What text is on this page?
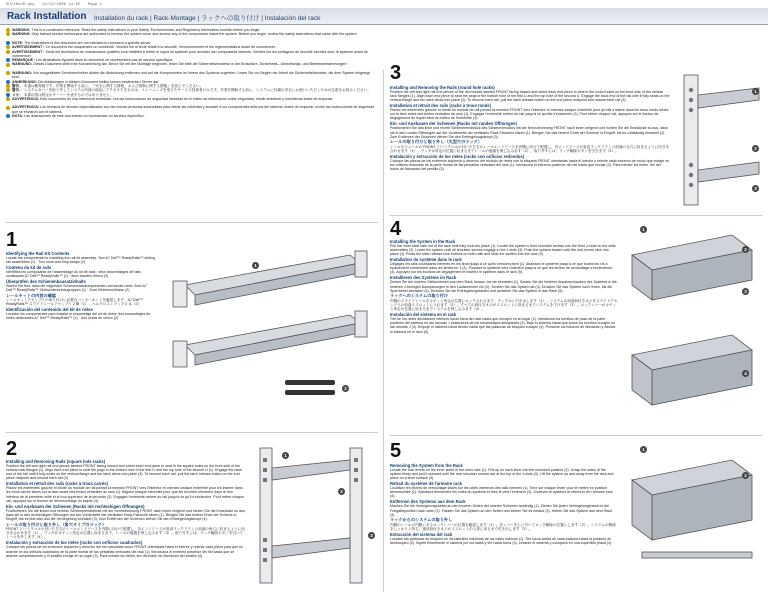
0U726cv0.qxp 12/21/2009 14:55 Page 1
Rack Installation Installation du rack | Rack-Montage | ラックへの取り付け | Instalación del rack
WARNING: This is a condensed reference. Read the safety instructions in your Safety, Environmental, and Regulatory Information booklet before you begin.
WARNING: Only trained service technicians are authorized to remove the system cover and access any of the components inside the system. Before you begin, review the safety instructions that came with the system.
NOTE: The illustrations in this document are not intended to represent a specific server.
AVERTISSEMENT : Ce document est uniquement un condensé. Veuillez lire le texte relatif à la sécurité, l'environnement et les réglementations avant de commencer.
AVERTISSEMENT : Seuls les techniciens de maintenance qualifiés sont habilités à retirer le capot du système pour accéder aux composants internes. Veuillez lire les consignes de sécurité fournies avec le système avant de commencer.
REMARQUE : Les illustrations figurant dans ce document ne représentent pas de serveur spécifique.
WARNUNG: Dieses Dokument stellt eine Kurzanleitung dar. Bevor Sie mit der Montage beginnen, lesen Sie bitte die Sicherheitshinweise in der Broschüre „Sicherheits-, Umweltungs- und Betriebsbestimmungen“.
WARNUNG: Nur ausgebildete Servicetechniker dürfen die Abdeckung entfernen und auf die Komponenten im Innern des Systems zugreifen. Lesen Sie vor Beginn der Arbeit die Sicherheitshinweise, die dem System beigelegt sind.
ANMERKUNG: Die Abbildungen in diesem Dokument stellen keinen bestimmten Server dar.
警告： 本書は簡易版です。作業を開始する前に、『安全に関する情報、および規制に関する情報』を読んでください。
警告： システムカバーを取り外してシステム内部の部品にアクセスできるのは、トレーニングを受けたサービス技術者のみです。作業を開始する前に、システムに付属の安全にお使いいただくための注意をお読みください。
メモ： 本書の図は特定のサーバーを表すものではありません。
ADVERTENCIA: Este documento es una referencia resumida. Lea las instrucciones de seguridad incluidas en el folleto de información sobre seguridad, medio ambiente y normativas antes de empezar.
ADVERTENCIA: Los técnicos de servicio especializados son las únicas personas autorizadas para retirar las cubiertas y acceder a los componentes internos del sistema. Antes de empezar, revise las instrucciones de seguridad que se enviaron con el sistema.
NOTA: Las ilustraciones de este documento no representan un servidor específico.
1
Identifying the Rail Kit Contents

Locate the components for installing the rail kit assembly: Two A7 Dell™ ReadyRails™ sliding rail assemblies (1) · Two hook-and-loop straps (2)

Contenu du kit de rails

Identifiez les composants de l'assemblage du kit de rails : deux assemblages de rails coulissants A7 Dell™ ReadyRails™ (1) · deux bandes Velcro (2)

Überprüfen des Schienenbausatzinhalts

Stellen Sie fest, dass die folgenden Schienensatzkomponenten vorhanden sind: Zwei A7 Dell™ ReadyRails™ Gleitschienenbaugruppen (1) · Zwei Klettverschlüsse (2)

レールキットの内容の確認

レールキットアセンブリの取り付けに必要なコンポーネントを確認します：A7 Dell™ ReadyRails™ スライドレールアセンブリ 2 個（1）、ベルクロストラップ 2 本（2）

Identificación del contenido del kit de rieles

Localice los componentes para instalar el ensamblaje del kit de rieles: dos ensamblajes de rieles deslizantes A7 Dell™ ReadyRails™ (1) · dos cintas de velcro (2)

1
2
2
Installing and Removing Rails (square hole racks)

Position the left and right rail end pieces labeled FRONT facing inward and orient each end piece to seat in the square holes on the front side of the vertical rack flanges (1). Align each end piece to seat the pegs in the bottom hole of the first U and the top hole of the second U (2). Engage the back end of the rail until it fully seats on the vertical flange and the latch clicks into place (3). To remove each rail, pull the latch release button on the end piece midpoint and unseat each rail (4).

Installation et retrait des rails (racks à trous carrés)

Placez les extrémités gauche et droite du module de rail portant la mention FRONT vers l'intérieur et orientez chaque extrémité pour les insérer dans les trous carrés situés sur la face avant des brides verticales du rack (1). Alignez chaque extrémité pour que les broches s'insèrent dans le trou inférieur de la première unité et le trou supérieur de la seconde (2). Engagez l'extrémité arrière du rail jusqu'à ce qu'il s'enclenche. Pour retirer chaque rail, appuyez sur le bouton de déverrouillage du loquet (4).

Ein- und Ausbauen der Schienen (Racks mit rechteckigen Öffnungen)

Positionieren Sie die linken und rechten Schienenendstücke mit der Kennzeichnung FRONT nach innen zeigend und richten Sie die Endstücke so aus, dass sie in den rechteckigen Öffnungen auf der Vorderseite der vertikalen Rack-Flansche sitzen (1). Bringen Sie das hintere Ende der Schiene in Eingriff, bis es fest sitzt und die Verriegelung einrastet (3). Zum Entfernen der Schienen ziehen Sie den Entriegelungsknopf (4).

レールの取り付けと取り外し（角穴タイプのラック）

FRONT というラベルの付いた左右のレールエンドピースを内側に向けて配置し、各エンドピースが垂直ラックフランジ前面の角穴に収まるように向きを合わせます（1）。ラッチがカチッと所定の位置に収まるまで、レールの後端を押し込みます（3）。取り外すには、ラッチ解除ボタンを引いてレールを外します（4）。

Instalación y extracción de los rieles (racks con orificios cuadrados)

Coloque las piezas de los extremos izquierdo y derecho del riel marcadas como FRONT orientadas hacia el interior y oriente cada pieza para que se asiente en los orificios cuadrados de la parte frontal de las pestañas verticales del rack (1). Introduzca el extremo posterior del riel hasta que se asiente completamente y el pestillo encaje en su lugar (3). Para extraer los rieles, tire del botón de liberación del pestillo (4).

1
2
3
3
Installing and Removing the Rails (round hole racks)

Position the left and right rail end pieces of the rail module labeled FRONT facing inward and orient each end piece to seat in the round holes on the front side of the vertical rack flanges (1). Align each end piece to seat the pegs in the bottom hole of the first U and the top hole of the second U. Engage the back end of the rail until it fully seats on the vertical flange and the latch clicks into place (2). To remove each rail, pull the latch release button on the end piece midpoint and unseat each rail (3).

Installation et retrait des rails (racks à trous ronds)

Placez les extrémités gauche et droite du module de rail portant la mention FRONT vers l'intérieur et orientez chaque extrémité pour qu'elle s'insère dans les trous ronds situés sur la face avant des brides verticales du rack (1). Engagez l'extrémité arrière du rail jusqu'à ce qu'elle s'enclenche (2). Pour retirer chaque rail, appuyez sur le bouton de dégagement du loquet situé au milieu de l'extrémité (3).

Ein- und Ausbauen der Schienen (Racks mit runden Öffnungen)

Positionieren Sie das linke und rechte Schienenendstück des Schienenmoduls mit der Kennzeichnung FRONT nach innen zeigend und richten Sie die Endstücke so aus, dass sie in den runden Öffnungen auf der Vorderseite der vertikalen Rack-Flansche sitzen (1). Bringen Sie das hintere Ende der Schiene in Eingriff, bis es vollständig einrastet (2). Zum Entfernen der Schienen ziehen Sie den Entriegelungsknopf (3).

レールの取り付けと取り外し（丸型穴のラック）

レールモジュールの FRONT というラベルの付いた左右のレールエンドピースを内側に向けて配置し、各エンドピースが垂直ラックフランジ前面の丸穴に収まるように向きを合わせます（1）。ラッチが所定の位置に収まるまでレールの後端を押し込みます（2）。取り外すには、ラッチ解除ボタンを引きます（3）。

Instalación y extracción de los rieles (racks con orificios redondos)

Coloque las piezas de los extremos izquierdo y derecho del módulo de rieles con la etiqueta FRONT orientadas hacia el interior y oriente cada extremo de modo que encaje en los orificios redondos de la parte frontal de las pestañas verticales del rack (1). Introduzca el extremo posterior del riel hasta que encaje (2). Para extraer los rieles, tire del botón de liberación del pestillo (3).

1
2
3
4
Installing the System in the Rack

Pull the inner slide rails out of the rack until they lock into place (1). Locate the system's front shoulder screws into the front J-slots on the slide assemblies (2). Lower the system until all shoulder screws engage in the J-slots (3). Push the system inward until the lock levers click into place (4). Press the slide release lock buttons on both rails and slide the system into the rack (5).

Installation du système dans le rack

Dégagez les rails coulissants internes en les tirant jusqu'à ce qu'ils s'enclenchent (1). Abaissez le système jusqu'à ce que toutes les vis à épaulement s'emboîtent dans les fentes en J (3). Poussez le système vers l'intérieur jusqu'à ce que les leviers de verrouillage s'enclenchent (4). Appuyez sur les boutons de dégagement et insérez le système dans le rack (5).

Installieren des Systems im Rack

Ziehen Sie die inneren Gleitschienen aus dem Rack heraus, bis sie einrasten (1). Setzen Sie die hinteren Ansatzschrauben des Systems in die hinteren J-förmigen Aussparungen in den Laufschienen ein (2). Senken Sie das System ab (3). Drücken Sie das System nach innen, bis die Sperrhebel einrasten (4). Drücken Sie die Entriegelungstasten und schieben Sie das System in das Rack (5).

ラックへのシステムの取り付け

内側のスライドレールをカチッと所定の位置にロックされるまで、ラックから引き出します（1）。システムの前面肩付きネジをスライドアセンブリの前面 J スロットに入れます（2）。すべての肩付きネジが J スロットに収まるまでシステムを下げます（3）。ロックレバーがカチッと所定の位置に収まるまでシステムを押し込みます（4）。

Instalación del sistema en el rack

Tire de los rieles deslizantes internos hacia fuera del rack hasta que encajen en su lugar (1). Introduzca los tornillos de paso de la parte posterior del sistema en las ranuras J posteriores de los ensamblajes deslizantes (2). Baje el sistema hasta que todos los tornillos encajen en las ranuras J (3). Empuje el sistema hacia dentro hasta que las palancas de bloqueo encajen (4). Presione los botones de liberación y deslice el sistema en el rack (5).

1
2
3
4
5
Removing the System from the Rack

Locate the lock levers on the inner sides of the inner rails (1). Pull up on each lever into the unlocked position (2). Grasp the sides of the system firmly and pull it outward until the rear shoulder screws are at the top of the J-slots (3). Lift the system up and away from the rack and place on a level surface (4).

Retrait du système de l'armoire rack

Localisez les leviers de verrouillage situés sur les côtés intérieurs des rails internes (1). Tirez sur chaque levier pour le mettre en position déverrouillée (2). Saisissez fermement les côtés du système et tirez-le vers l'extérieur (3). Soulevez le système et retirez-le de l'armoire rack (4).

Entfernen des Systems aus dem Rack

Machen Sie die Verriegelungshebel an den inneren Seiten der inneren Schienen ausfindig (1). Ziehen Sie jeden Verriegelungshebel in die Freigabeposition nach oben (2). Fassen Sie das System an den Seiten und ziehen Sie es heraus (3). Heben Sie das System aus dem Rack (4).

ラックからのシステムの取り外し

内側のレールの内側にあるロックレバーの位置を確認します（1）。各レバーを上に引いてロック解除の位置にします（2）。システムの側面をしっかりと持ち、後部肩付きネジが J スロットの上部に来るまで引き出します（3）。

Extracción del sistema del rack

Localice las palancas de bloqueo en los laterales interiores de los rieles internos (1). Tire hacia arriba de cada palanca hasta la posición de desbloqueo (2). Sujete firmemente el sistema por los lados y tire hacia fuera (3). Levante el sistema y colóquelo en una superficie plana (4).

1
2
